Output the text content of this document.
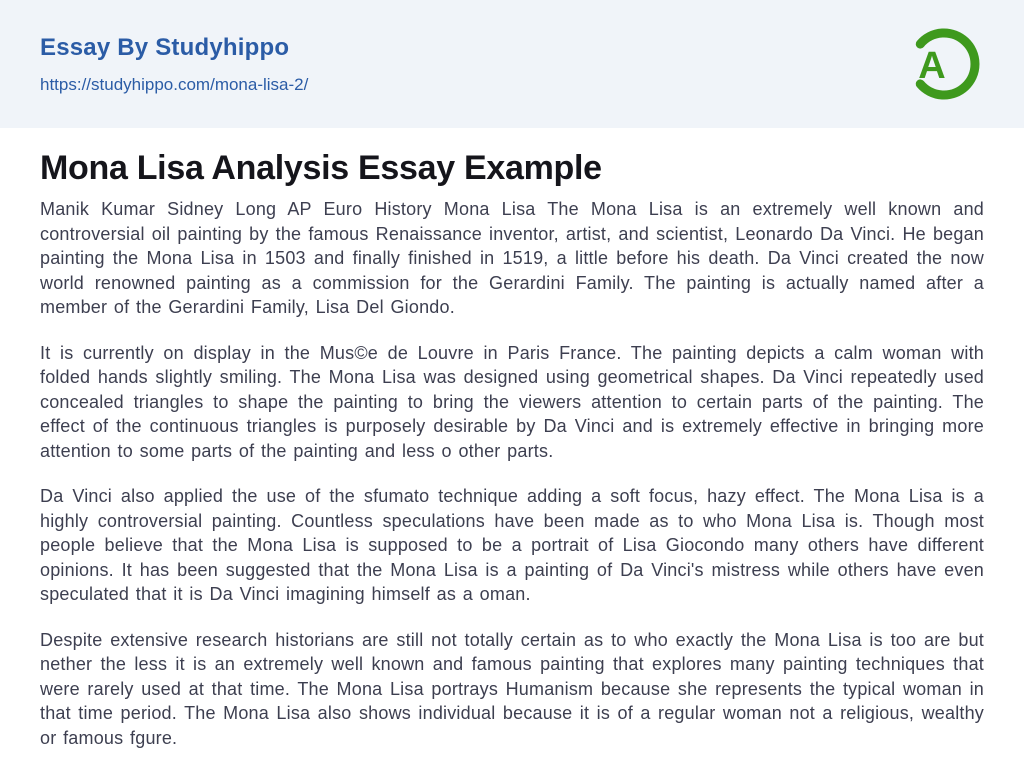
Essay By Studyhippo
https://studyhippo.com/mona-lisa-2/	A
Mona Lisa Analysis Essay Example

Manik Kumar Sidney Long AP Euro History Mona Lisa The Mona Lisa is an extremely well known and controversial oil painting by the famous Renaissance inventor, artist, and scientist, Leonardo Da Vinci. He began painting the Mona Lisa in 1503 and finally finished in 1519, a little before his death. Da Vinci created the now world renowned painting as a commission for the Gerardini Family. The painting is actually named after a member of the Gerardini Family, Lisa Del Giondo.

It is currently on display in the Mus©e de Louvre in Paris France. The painting depicts a calm woman with folded hands slightly smiling. The Mona Lisa was designed using geometrical shapes. Da Vinci repeatedly used concealed triangles to shape the painting to bring the viewers attention to certain parts of the painting. The effect of the continuous triangles is purposely desirable by Da Vinci and is extremely effective in bringing more attention to some parts of the painting and less o other parts.

Da Vinci also applied the use of the sfumato technique adding a soft focus, hazy effect. The Mona Lisa is a highly controversial painting. Countless speculations have been made as to who Mona Lisa is. Though most people believe that the Mona Lisa is supposed to be a portrait of Lisa Giocondo many others have different opinions. It has been suggested that the Mona Lisa is a painting of Da Vinci's mistress while others have even speculated that it is Da Vinci imagining himself as a oman.

Despite extensive research historians are still not totally certain as to who exactly the Mona Lisa is too are but nether the less it is an extremely well known and famous painting that explores many painting techniques that were rarely used at that time. The Mona Lisa portrays Humanism because she represents the typical woman in that time period. The Mona Lisa also shows individual because it is of a regular woman not a religious, wealthy or famous fgure.
